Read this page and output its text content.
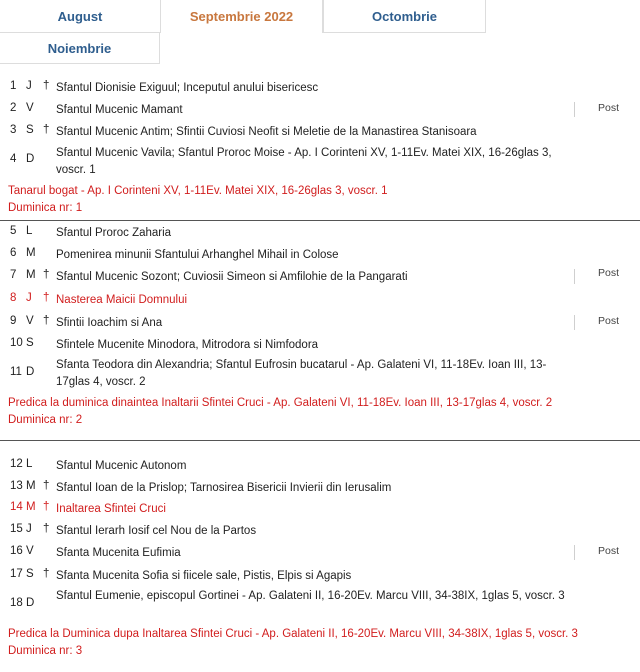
August	Septembrie 2022	Octombrie
Noiembrie
1 J † Sfantul Dionisie Exiguul; Inceputul anului bisericesc
2 V Sfantul Mucenic Mamant	Post
3 S † Sfantul Mucenic Antim; Sfintii Cuviosi Neofit si Meletie de la Manastirea Stanisoara
4 D Sfantul Mucenic Vavila; Sfantul Proroc Moise - Ap. I Corinteni XV, 1-11Ev. Matei XIX, 16-26glas 3, voscr. 1
Tanarul bogat - Ap. I Corinteni XV, 1-11Ev. Matei XIX, 16-26glas 3, voscr. 1
Duminica nr: 1
5 L Sfantul Proroc Zaharia
6 M Pomenirea minunii Sfantului Arhanghel Mihail in Colose
7 M † Sfantul Mucenic Sozont; Cuviosii Simeon si Amfilohie de la Pangarati	Post
8 J † Nasterea Maicii Domnului
9 V † Sfintii Ioachim si Ana	Post
10 S Sfintele Mucenite Minodora, Mitrodora si Nimfodora
11 D
Sfanta Teodora din Alexandria; Sfantul Eufrosin bucatarul - Ap. Galateni VI, 11-18Ev. Ioan III, 13-17glas 4, voscr. 2
Predica la duminica dinaintea Inaltarii Sfintei Cruci - Ap. Galateni VI, 11-18Ev. Ioan III, 13-17glas 4, voscr. 2
Duminica nr: 2
12 L Sfantul Mucenic Autonom
13 M † Sfantul Ioan de la Prislop; Tarnosirea Bisericii Invierii din Ierusalim
14 M † Inaltarea Sfintei Cruci
15 J † Sfantul Ierarh Iosif cel Nou de la Partos
16 V Sfanta Mucenita Eufimia	Post
17 S † Sfanta Mucenita Sofia si fiicele sale, Pistis, Elpis si Agapis
18 D
Sfantul Eumenie, episcopul Gortinei - Ap. Galateni II, 16-20Ev. Marcu VIII, 34-38IX, 1glas 5, voscr. 3
Predica la Duminica dupa Inaltarea Sfintei Cruci - Ap. Galateni II, 16-20Ev. Marcu VIII, 34-38IX, 1glas 5, voscr. 3
Duminica nr: 3
